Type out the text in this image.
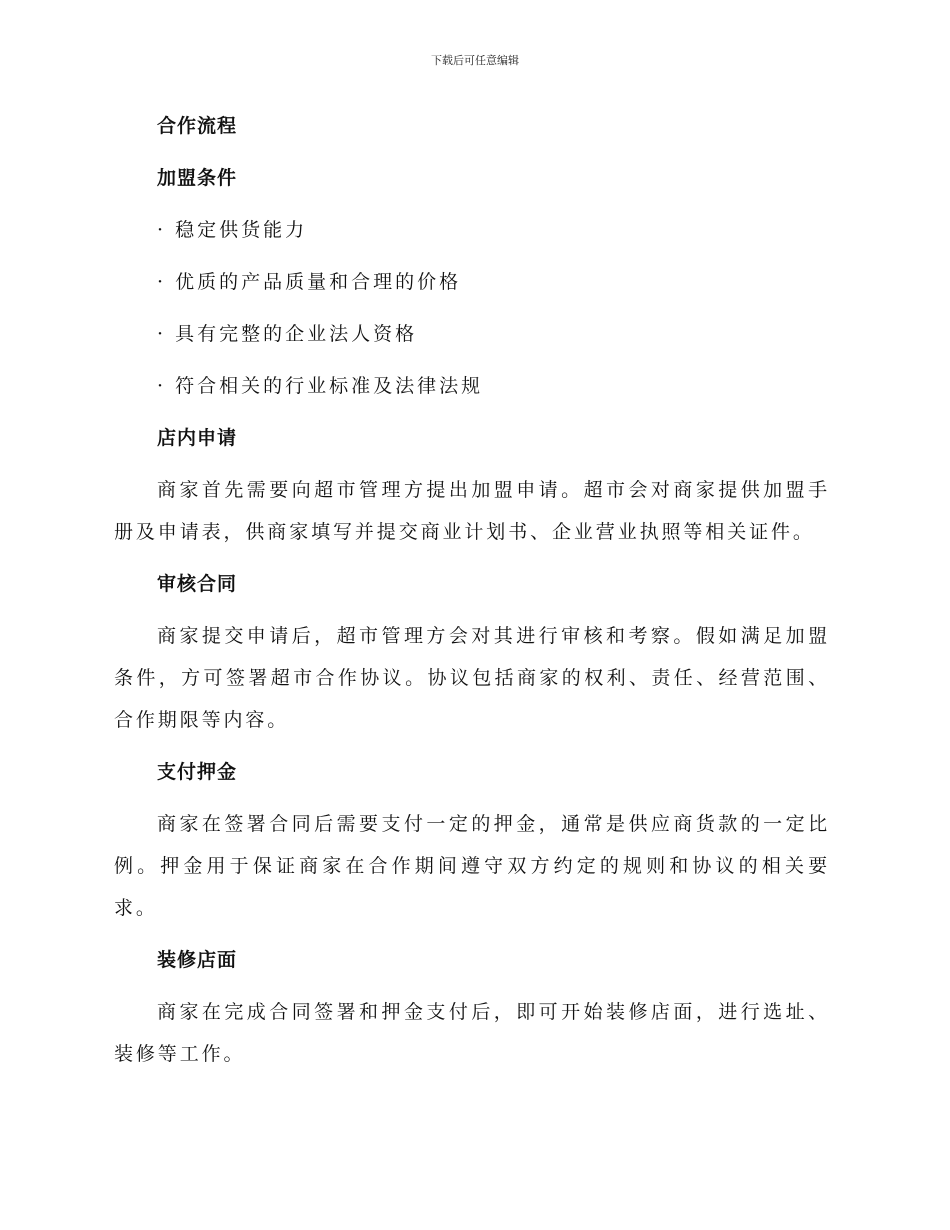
下载后可任意编辑
合作流程
加盟条件
· 稳定供货能力
· 优质的产品质量和合理的价格
· 具有完整的企业法人资格
· 符合相关的行业标准及法律法规
店内申请
商家首先需要向超市管理方提出加盟申请。超市会对商家提供加盟手册及申请表，供商家填写并提交商业计划书、企业营业执照等相关证件。
审核合同
商家提交申请后，超市管理方会对其进行审核和考察。假如满足加盟条件，方可签署超市合作协议。协议包括商家的权利、责任、经营范围、合作期限等内容。
支付押金
商家在签署合同后需要支付一定的押金，通常是供应商货款的一定比例。押金用于保证商家在合作期间遵守双方约定的规则和协议的相关要求。
装修店面
商家在完成合同签署和押金支付后，即可开始装修店面，进行选址、装修等工作。
